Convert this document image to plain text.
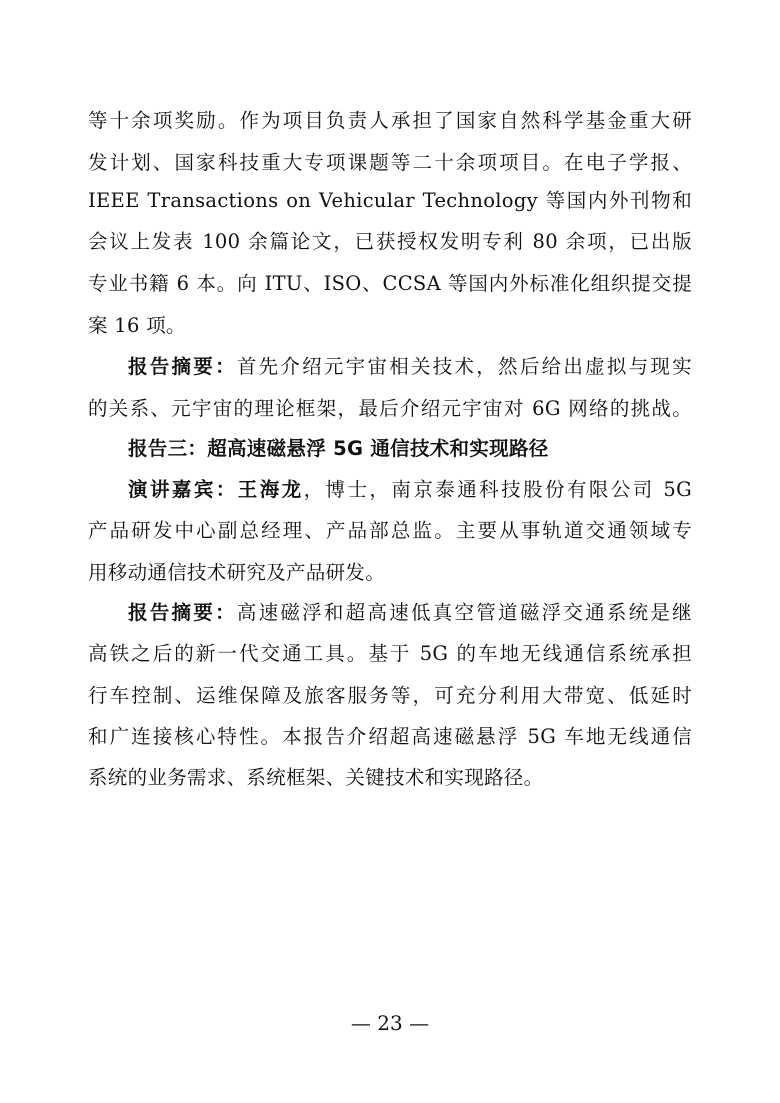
等十余项奖励。作为项目负责人承担了国家自然科学基金重大研
发计划、国家科技重大专项课题等二十余项项目。在电子学报、
IEEE Transactions on Vehicular Technology 等国内外刊物和
会议上发表 100 余篇论文，已获授权发明专利 80 余项，已出版
专业书籍 6 本。向 ITU、ISO、CCSA 等国内外标准化组织提交提
案 16 项。
报告摘要：首先介绍元宇宙相关技术，然后给出虚拟与现实
的关系、元宇宙的理论框架，最后介绍元宇宙对 6G 网络的挑战。
报告三：超高速磁悬浮 5G 通信技术和实现路径
演讲嘉宾：王海龙，博士，南京泰通科技股份有限公司 5G
产品研发中心副总经理、产品部总监。主要从事轨道交通领域专
用移动通信技术研究及产品研发。
报告摘要：高速磁浮和超高速低真空管道磁浮交通系统是继
高铁之后的新一代交通工具。基于 5G 的车地无线通信系统承担
行车控制、运维保障及旅客服务等，可充分利用大带宽、低延时
和广连接核心特性。本报告介绍超高速磁悬浮 5G 车地无线通信
系统的业务需求、系统框架、关键技术和实现路径。
— 23 —
